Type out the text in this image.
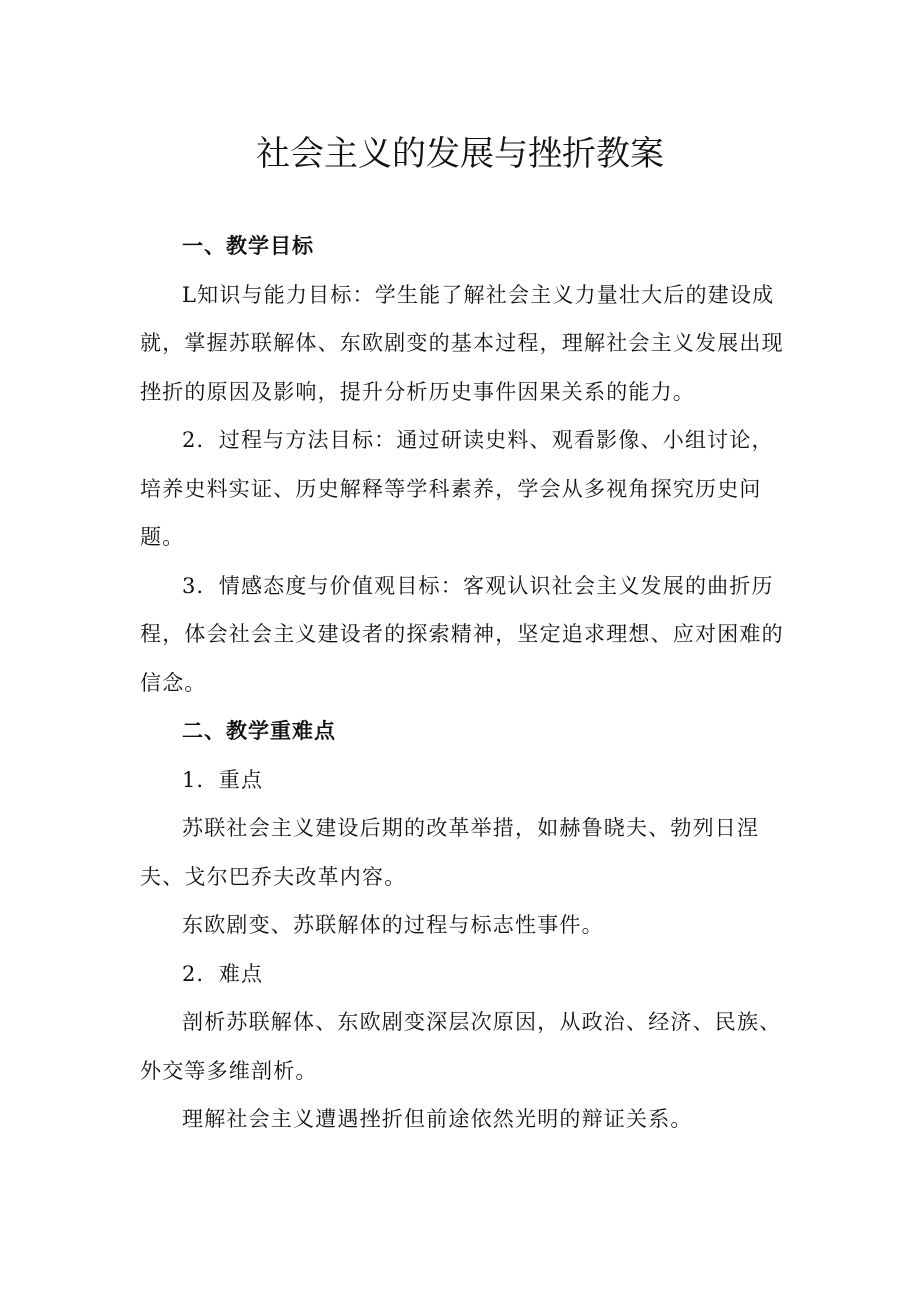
社会主义的发展与挫折教案

一、教学目标

L知识与能力目标：学生能了解社会主义力量壮大后的建设成就，掌握苏联解体、东欧剧变的基本过程，理解社会主义发展出现挫折的原因及影响，提升分析历史事件因果关系的能力。

2．过程与方法目标：通过研读史料、观看影像、小组讨论，培养史料实证、历史解释等学科素养，学会从多视角探究历史问题。

3．情感态度与价值观目标：客观认识社会主义发展的曲折历程，体会社会主义建设者的探索精神，坚定追求理想、应对困难的信念。

二、教学重难点

1．重点

苏联社会主义建设后期的改革举措，如赫鲁晓夫、勃列日涅夫、戈尔巴乔夫改革内容。

东欧剧变、苏联解体的过程与标志性事件。

2．难点

剖析苏联解体、东欧剧变深层次原因，从政治、经济、民族、外交等多维剖析。

理解社会主义遭遇挫折但前途依然光明的辩证关系。
